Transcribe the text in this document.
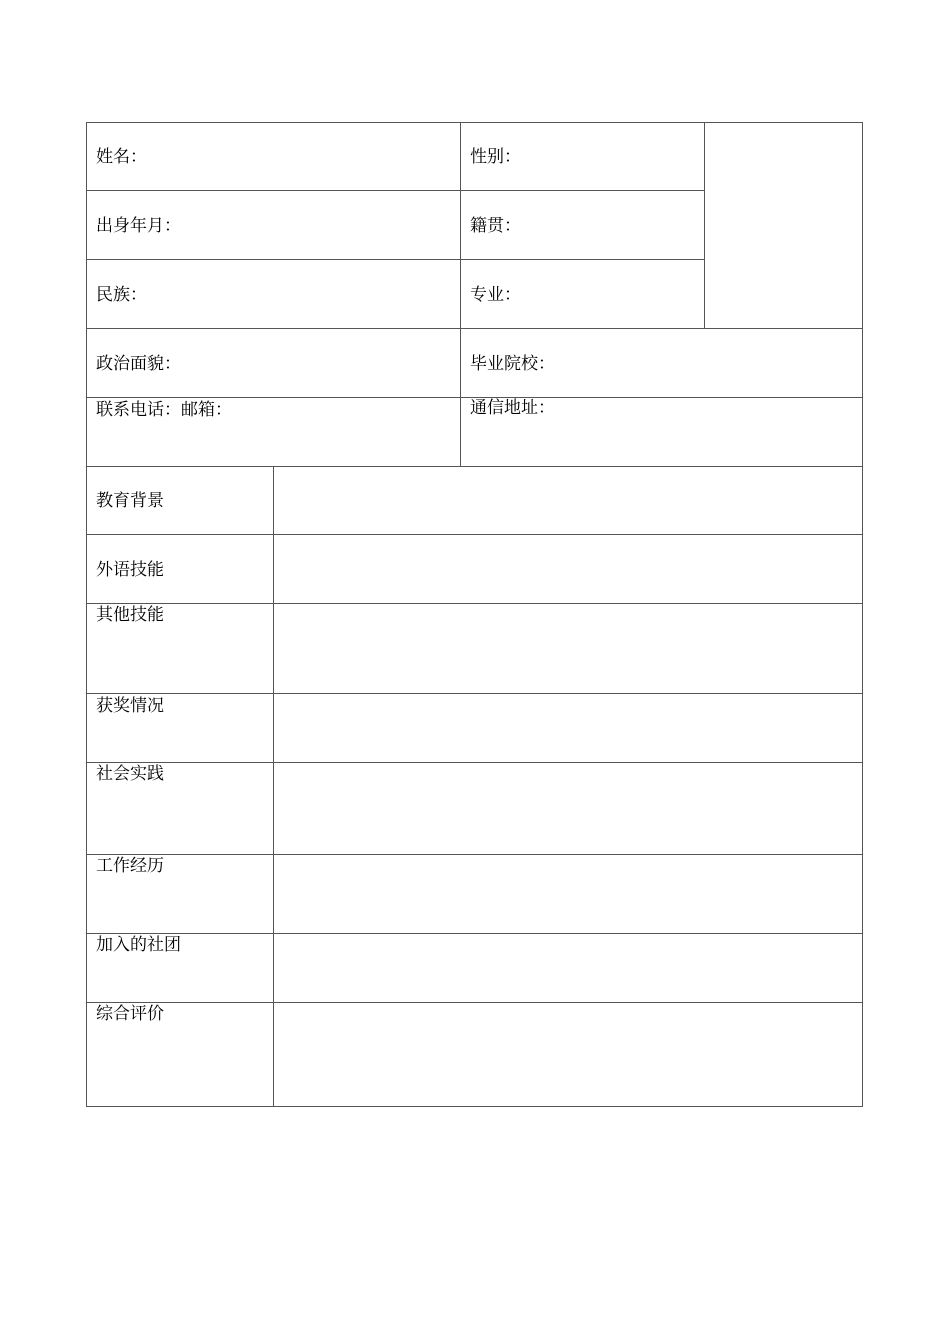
姓名：	性别：
出身年月：	籍贯：
民族：	专业：
政治面貌：	毕业院校：
联系电话：邮箱：	通信地址：
教育背景
外语技能
其他技能
获奖情况
社会实践
工作经历
加入的社团
综合评价
